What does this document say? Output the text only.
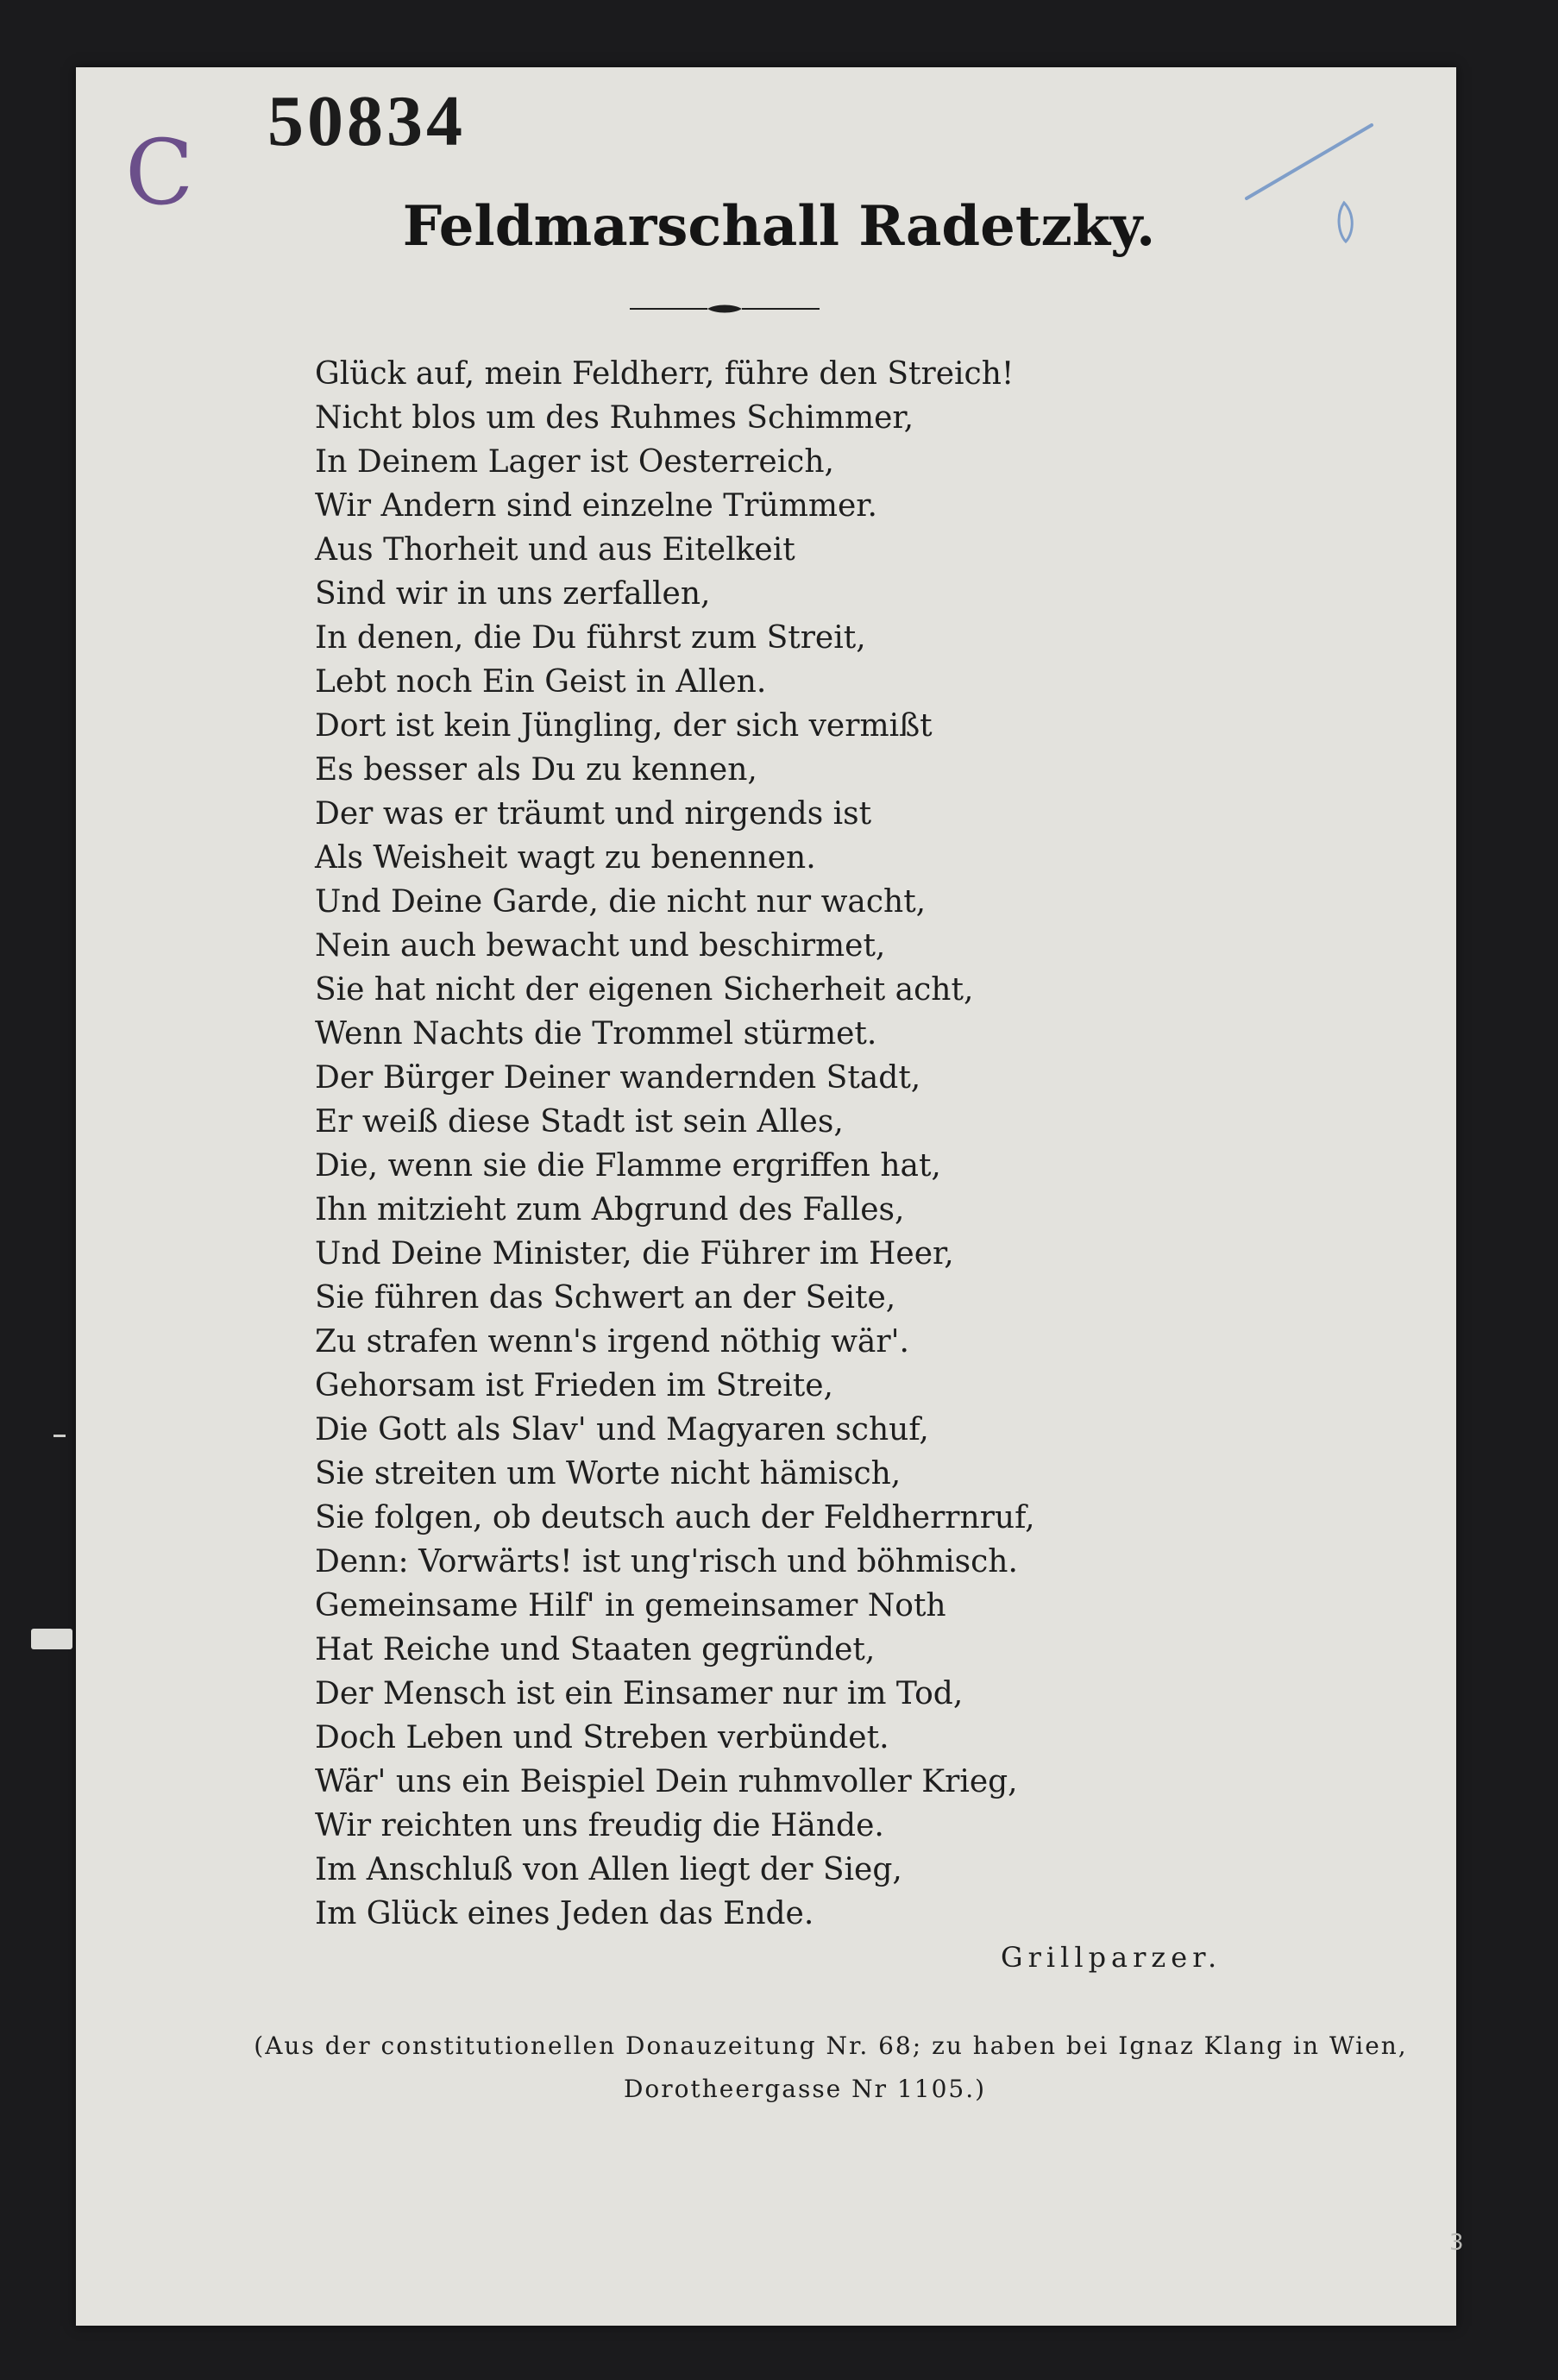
C 50834

Feldmarschall Radetzky.

Glück auf, mein Feldherr, führe den Streich!

Nicht blos um des Ruhmes Schimmer,

In Deinem Lager ist Oesterreich,

Wir Andern sind einzelne Trümmer.

Aus Thorheit und aus Eitelkeit

Sind wir in uns zerfallen,

In denen, die Du führst zum Streit,

Lebt noch Ein Geist in Allen.

Dort ist kein Jüngling, der sich vermißt

Es besser als Du zu kennen,

Der was er träumt und nirgends ist

Als Weisheit wagt zu benennen.

Und Deine Garde, die nicht nur wacht,

Nein auch bewacht und beschirmet,

Sie hat nicht der eigenen Sicherheit acht,

Wenn Nachts die Trommel stürmet.

Der Bürger Deiner wandernden Stadt,

Er weiß diese Stadt ist sein Alles,

Die, wenn sie die Flamme ergriffen hat,

Ihn mitzieht zum Abgrund des Falles,

Und Deine Minister, die Führer im Heer,

Sie führen das Schwert an der Seite,

Zu strafen wenn's irgend nöthig wär'.

Gehorsam ist Frieden im Streite,

Die Gott als Slav' und Magyaren schuf,

Sie streiten um Worte nicht hämisch,

Sie folgen, ob deutsch auch der Feldherrnruf,

Denn: Vorwärts! ist ung'risch und böhmisch.

Gemeinsame Hilf' in gemeinsamer Noth

Hat Reiche und Staaten gegründet,

Der Mensch ist ein Einsamer nur im Tod,

Doch Leben und Streben verbündet.

Wär' uns ein Beispiel Dein ruhmvoller Krieg,

Wir reichten uns freudig die Hände.

Im Anschluß von Allen liegt der Sieg,

Im Glück eines Jeden das Ende.

Grillparzer.

(Aus der constitutionellen Donauzeitung Nr. 68; zu haben bei Ignaz Klang in Wien,

Dorotheergasse Nr 1105.)

3
